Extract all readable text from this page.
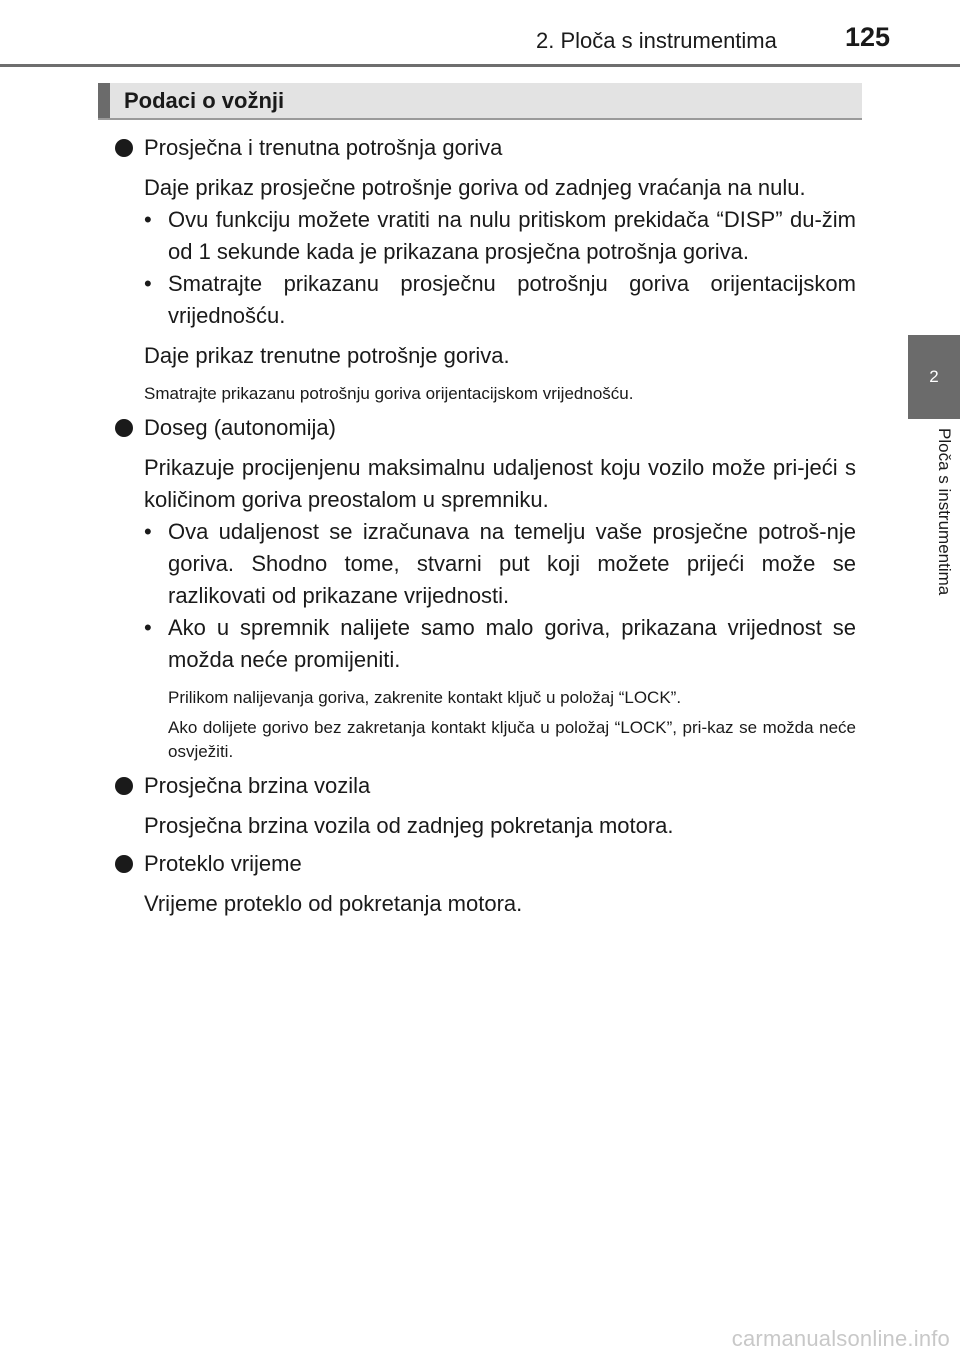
2. Ploča s instrumentima	125
2
Ploča s instrumentima
Podaci o vožnji
Prosječna i trenutna potrošnja goriva
Daje prikaz prosječne potrošnje goriva od zadnjeg vraćanja na nulu.
• Ovu funkciju možete vratiti na nulu pritiskom prekidača “DISP” du-žim od 1 sekunde kada je prikazana prosječna potrošnja goriva.
• Smatrajte prikazanu prosječnu potrošnju goriva orijentacijskom vrijednošću.
Daje prikaz trenutne potrošnje goriva.
Smatrajte prikazanu potrošnju goriva orijentacijskom vrijednošću.
Doseg (autonomija)
Prikazuje procijenjenu maksimalnu udaljenost koju vozilo može pri-jeći s količinom goriva preostalom u spremniku.
• Ova udaljenost se izračunava na temelju vaše prosječne potroš-nje goriva. Shodno tome, stvarni put koji možete prijeći može se razlikovati od prikazane vrijednosti.
• Ako u spremnik nalijete samo malo goriva, prikazana vrijednost se možda neće promijeniti.
Prilikom nalijevanja goriva, zakrenite kontakt ključ u položaj “LOCK”.
Ako dolijete gorivo bez zakretanja kontakt ključa u položaj “LOCK”, pri-kaz se možda neće osvježiti.
Prosječna brzina vozila
Prosječna brzina vozila od zadnjeg pokretanja motora.
Proteklo vrijeme
Vrijeme proteklo od pokretanja motora.
carmanualsonline.info
